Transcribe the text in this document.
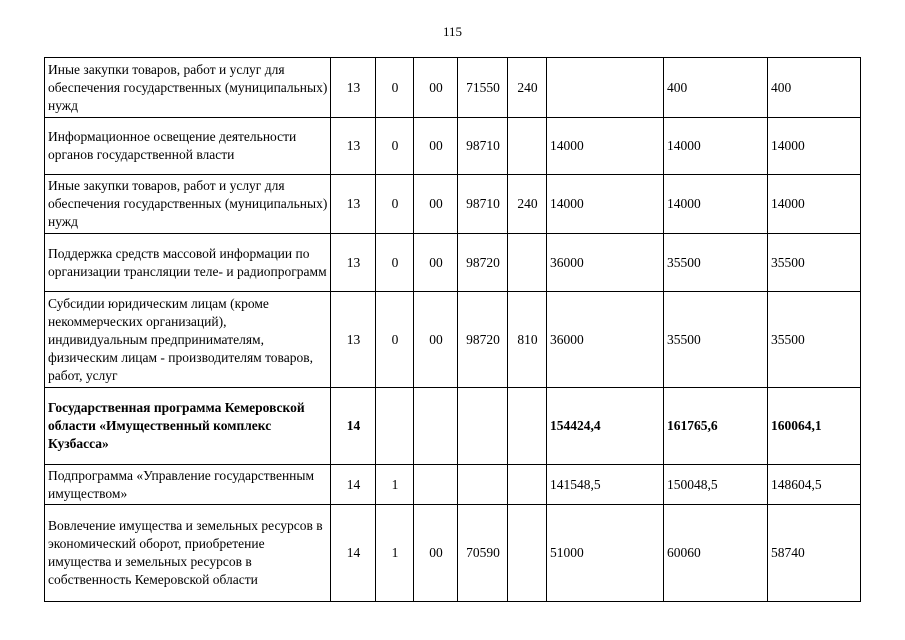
115
Иные закупки товаров, работ и услуг для обеспечения государственных (муниципальных) нужд	13	0	00	71550	240		400	400
Информационное освещение деятельности органов государственной власти	13	0	00	98710		14000	14000	14000
Иные закупки товаров, работ и услуг для обеспечения государственных (муниципальных) нужд	13	0	00	98710	240	14000	14000	14000
Поддержка средств массовой информации по организации трансляции теле- и радиопрограмм	13	0	00	98720		36000	35500	35500
Субсидии юридическим лицам (кроме некоммерческих организаций), индивидуальным предпринимателям, физическим лицам - производителям товаров, работ, услуг	13	0	00	98720	810	36000	35500	35500
Государственная программа Кемеровской области «Имущественный комплекс Кузбасса»	14					154424,4	161765,6	160064,1
Подпрограмма «Управление государственным имуществом»	14	1				141548,5	150048,5	148604,5
Вовлечение имущества и земельных ресурсов в экономический оборот, приобретение имущества и земельных ресурсов в собственность Кемеровской области	14	1	00	70590		51000	60060	58740
